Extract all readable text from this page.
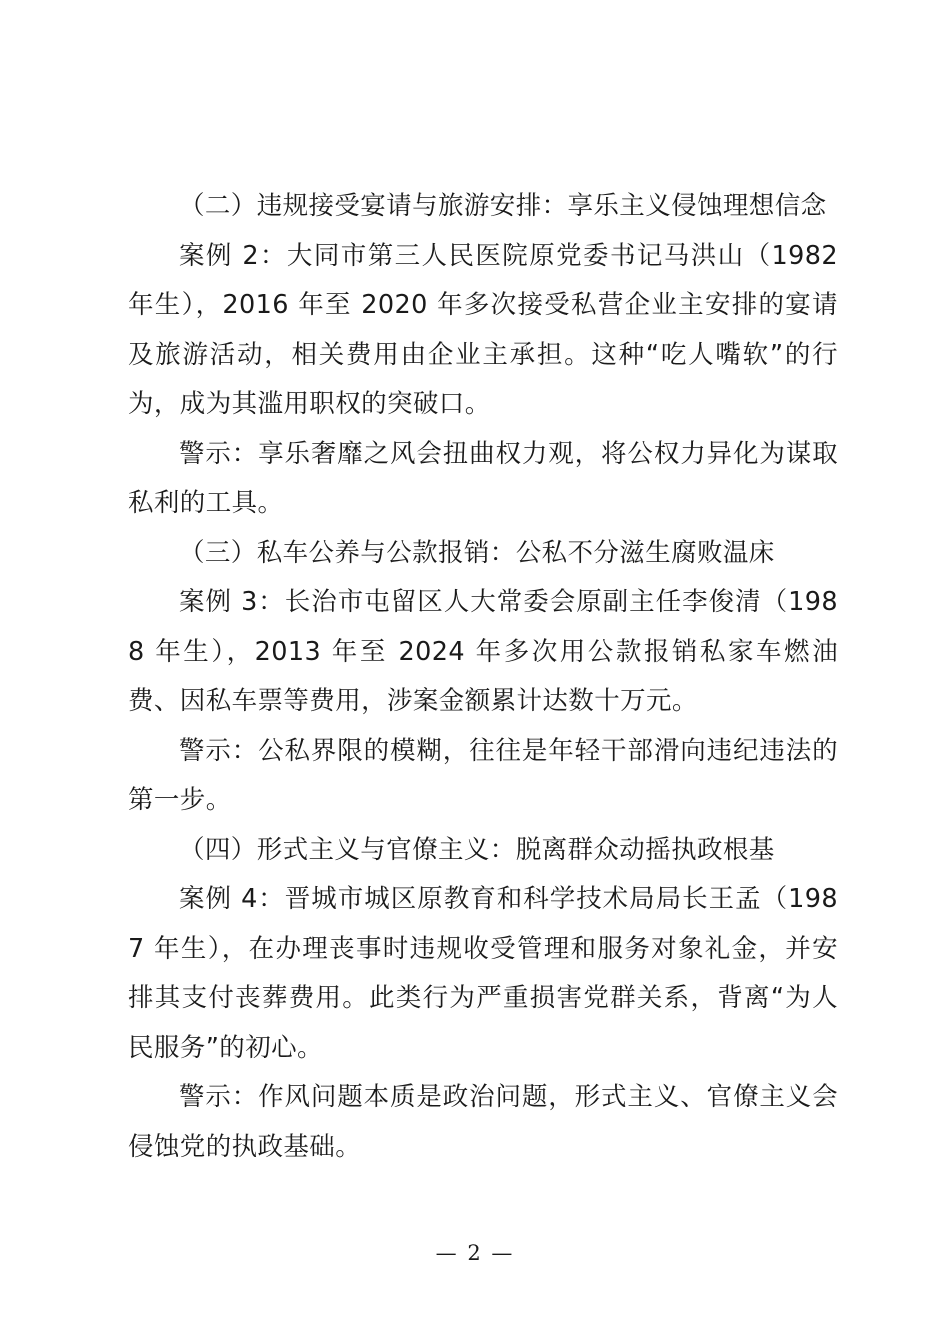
（二）违规接受宴请与旅游安排：享乐主义侵蚀理想信念

案例 2：大同市第三人民医院原党委书记马洪山（1982 年生），2016 年至 2020 年多次接受私营企业主安排的宴请及旅游活动，相关费用由企业主承担。这种“吃人嘴软”的行为，成为其滥用职权的突破口。

警示：享乐奢靡之风会扭曲权力观，将公权力异化为谋取私利的工具。

（三）私车公养与公款报销：公私不分滋生腐败温床

案例 3：长治市屯留区人大常委会原副主任李俊清（1988 年生），2013 年至 2024 年多次用公款报销私家车燃油费、因私车票等费用，涉案金额累计达数十万元。

警示：公私界限的模糊，往往是年轻干部滑向违纪违法的第一步。

（四）形式主义与官僚主义：脱离群众动摇执政根基

案例 4：晋城市城区原教育和科学技术局局长王孟（1987 年生），在办理丧事时违规收受管理和服务对象礼金，并安排其支付丧葬费用。此类行为严重损害党群关系，背离“为人民服务”的初心。

警示：作风问题本质是政治问题，形式主义、官僚主义会侵蚀党的执政基础。

— 2 —
